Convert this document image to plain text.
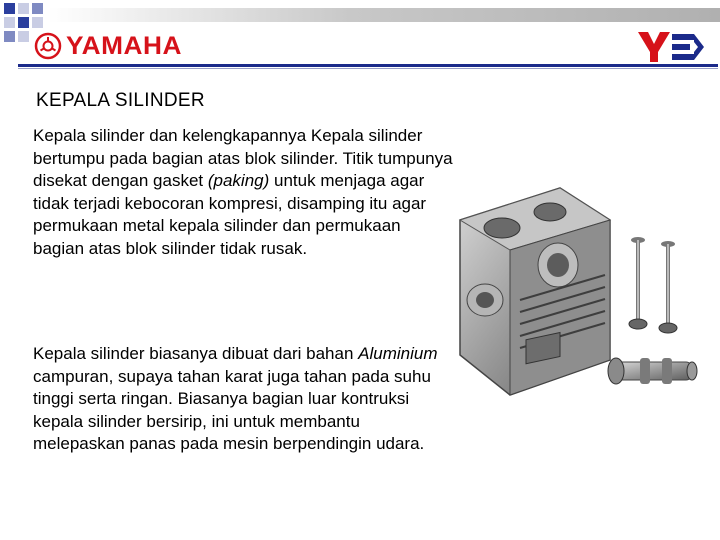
YAMAHA
KEPALA SILINDER
Kepala silinder dan kelengkapannya Kepala silinder bertumpu pada bagian atas blok silinder. Titik tumpunya disekat dengan gasket (paking) untuk menjaga agar tidak terjadi kebocoran kompresi, disamping itu agar permukaan metal kepala silinder dan permukaan bagian atas blok silinder tidak rusak.
Kepala silinder biasanya dibuat dari bahan Aluminium campuran, supaya tahan karat juga tahan pada suhu tinggi serta ringan. Biasanya bagian luar kontruksi kepala silinder bersirip, ini untuk membantu melepaskan panas pada mesin berpendingin udara.
